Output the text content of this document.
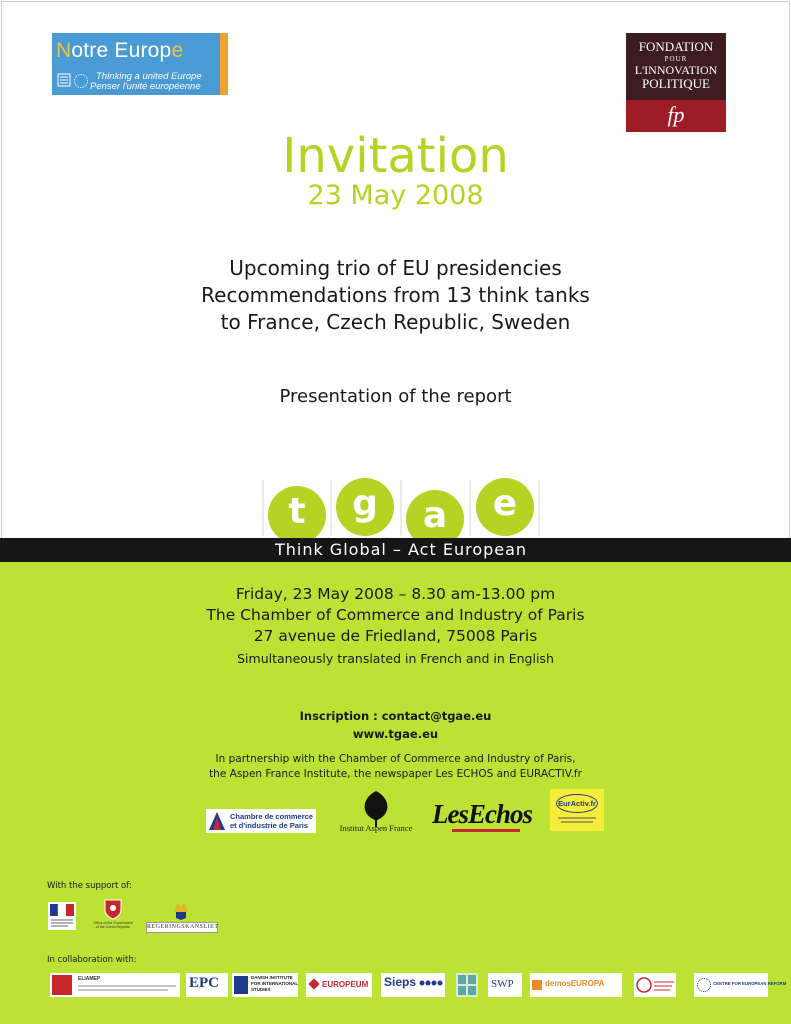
Notre Europe
Thinking a united Europe
Penser l'unité européenne
FONDATION
POUR
L'INNOVATION
POLITIQUE
fp
Invitation
23 May 2008
Upcoming trio of EU presidencies
Recommendations from 13 think tanks
to France, Czech Republic, Sweden
Presentation of the report
t	g	a	e
Think Global – Act European
Friday, 23 May 2008 – 8.30 am-13.00 pm
The Chamber of Commerce and Industry of Paris
27 avenue de Friedland, 75008 Paris
Simultaneously translated in French and in English
Inscription : contact@tgae.eu
www.tgae.eu
In partnership with the Chamber of Commerce and Industry of Paris,
the Aspen France Institute, the newspaper Les ECHOS and EURACTIV.fr
Chambre de commerce
et d'industrie de Paris	Institut Aspen France LesEchos	EurActiv.fr
With the support of:
Office of the Government of the Czech Republic	REGERINGSKANSLIET
In collaboration with:
ELIAMEP	EPC	DANISH INSTITUTE
FOR INTERNATIONAL
STUDIES
EUROPEUM Sieps	SWP	demosEUROPA	CENTRE FOR EUROPEAN REFORM
